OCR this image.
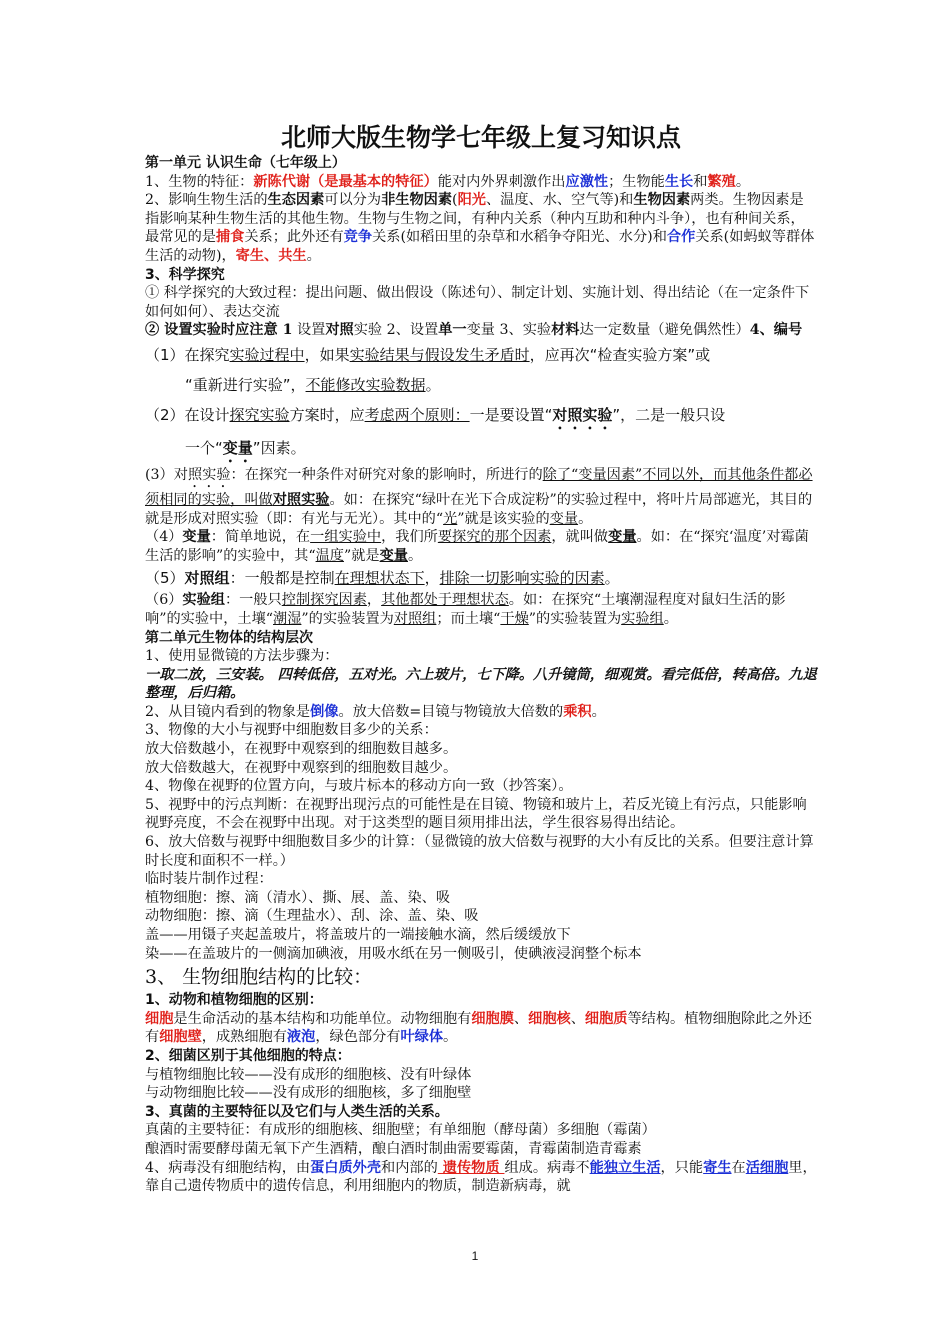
北师大版生物学七年级上复习知识点

第一单元 认识生命（七年级上）

1、生物的特征：新陈代谢（是最基本的特征）能对内外界刺激作出应激性；生物能生长和繁殖。

2、影响生物生活的生态因素可以分为非生物因素(阳光、温度、水、空气等)和生物因素两类。生物因素是指影响某种生物生活的其他生物。生物与生物之间，有种内关系（种内互助和种内斗争），也有种间关系，最常见的是捕食关系；此外还有竞争关系(如稻田里的杂草和水稻争夺阳光、水分)和合作关系(如蚂蚁等群体生活的动物)，寄生、共生。

3、科学探究

① 科学探究的大致过程：提出问题、做出假设（陈述句）、制定计划、实施计划、得出结论（在一定条件下如何如何）、表达交流

② 设置实验时应注意 1 设置对照实验 2、设置单一变量 3、实验材料达一定数量（避免偶然性）4、编号

（1）在探究实验过程中，如果实验结果与假设发生矛盾时，应再次“检查实验方案”或

“重新进行实验”，不能修改实验数据。

（2）在设计探究实验方案时，应考虑两个原则：一是要设置“对照实验”，二是一般只设

一个“变量”因素。

(3）对照实验：在探究一种条件对研究对象的影响时，所进行的除了“变量因素”不同以外，而其他条件都必须相同的实验，叫做对照实验。如：在探究“绿叶在光下合成淀粉”的实验过程中，将叶片局部遮光，其目的就是形成对照实验（即：有光与无光）。其中的“光”就是该实验的变量。

（4）变量：简单地说，在一组实验中，我们所要探究的那个因素，就叫做变量。如：在“探究‘温度’对霉菌生活的影响”的实验中，其“温度”就是变量。

（5）对照组：一般都是控制在理想状态下，排除一切影响实验的因素。

（6）实验组：一般只控制探究因素，其他都处于理想状态。如：在探究“土壤潮湿程度对鼠妇生活的影响”的实验中，土壤“潮湿”的实验装置为对照组；而土壤“干燥”的实验装置为实验组。

第二单元生物体的结构层次

1、使用显微镜的方法步骤为：

一取二放，三安装。 四转低倍，五对光。六上玻片，七下降。八升镜筒，细观赏。看完低倍，转高倍。九退整理，后归箱。

2、从目镜内看到的物象是倒像。放大倍数=目镜与物镜放大倍数的乘积。

3、物像的大小与视野中细胞数目多少的关系：

放大倍数越小，在视野中观察到的细胞数目越多。

放大倍数越大，在视野中观察到的细胞数目越少。

4、物像在视野的位置方向，与玻片标本的移动方向一致（抄答案）。

5、视野中的污点判断：在视野出现污点的可能性是在目镜、物镜和玻片上，若反光镜上有污点，只能影响视野亮度，不会在视野中出现。对于这类型的题目须用排出法，学生很容易得出结论。

6、放大倍数与视野中细胞数目多少的计算：（显微镜的放大倍数与视野的大小有反比的关系。但要注意计算时长度和面积不一样。）

临时装片制作过程：

植物细胞：擦、滴（清水）、撕、展、盖、染、吸

动物细胞：擦、滴（生理盐水）、刮、涂、盖、染、吸

盖——用镊子夹起盖玻片，将盖玻片的一端接触水滴，然后缓缓放下

染——在盖玻片的一侧滴加碘液，用吸水纸在另一侧吸引，使碘液浸润整个标本

3、 生物细胞结构的比较：

1、动物和植物细胞的区别：

细胞是生命活动的基本结构和功能单位。动物细胞有细胞膜、细胞核、细胞质等结构。植物细胞除此之外还有细胞壁，成熟细胞有液泡，绿色部分有叶绿体。

2、细菌区别于其他细胞的特点：

与植物细胞比较——没有成形的细胞核、没有叶绿体

与动物细胞比较——没有成形的细胞核，多了细胞壁

3、真菌的主要特征以及它们与人类生活的关系。

真菌的主要特征：有成形的细胞核、细胞壁；有单细胞（酵母菌）多细胞（霉菌）

酿酒时需要酵母菌无氧下产生酒精，酿白酒时制曲需要霉菌，青霉菌制造青霉素

4、病毒没有细胞结构，由蛋白质外壳和内部的 遗传物质 组成。病毒不能独立生活，只能寄生在活细胞里，靠自己遗传物质中的遗传信息，利用细胞内的物质，制造新病毒，就

1
